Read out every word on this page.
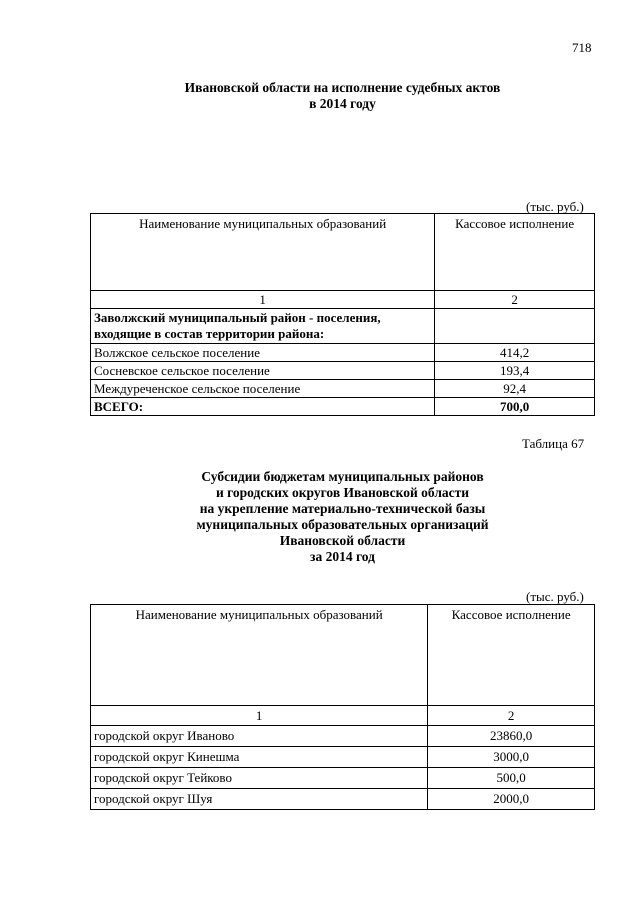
718
Ивановской области на исполнение судебных актов
в 2014 году
(тыс. руб.)
Наименование муниципальных образований	Кассовое исполнение
1	2
Заволжский муниципальный район - поселения,
входящие в состав территории района:	
Волжское сельское поселение	414,2
Сосневское сельское поселение	193,4
Междуреченское сельское поселение	92,4
ВСЕГО:	700,0
Таблица 67
Субсидии бюджетам муниципальных районов
и городских округов Ивановской области
на укрепление материально-технической базы
муниципальных образовательных организаций
Ивановской области
за 2014 год
(тыс. руб.)
Наименование муниципальных образований	Кассовое исполнение
1	2
городской округ Иваново	23860,0
городской округ Кинешма	3000,0
городской округ Тейково	500,0
городской округ Шуя	2000,0
